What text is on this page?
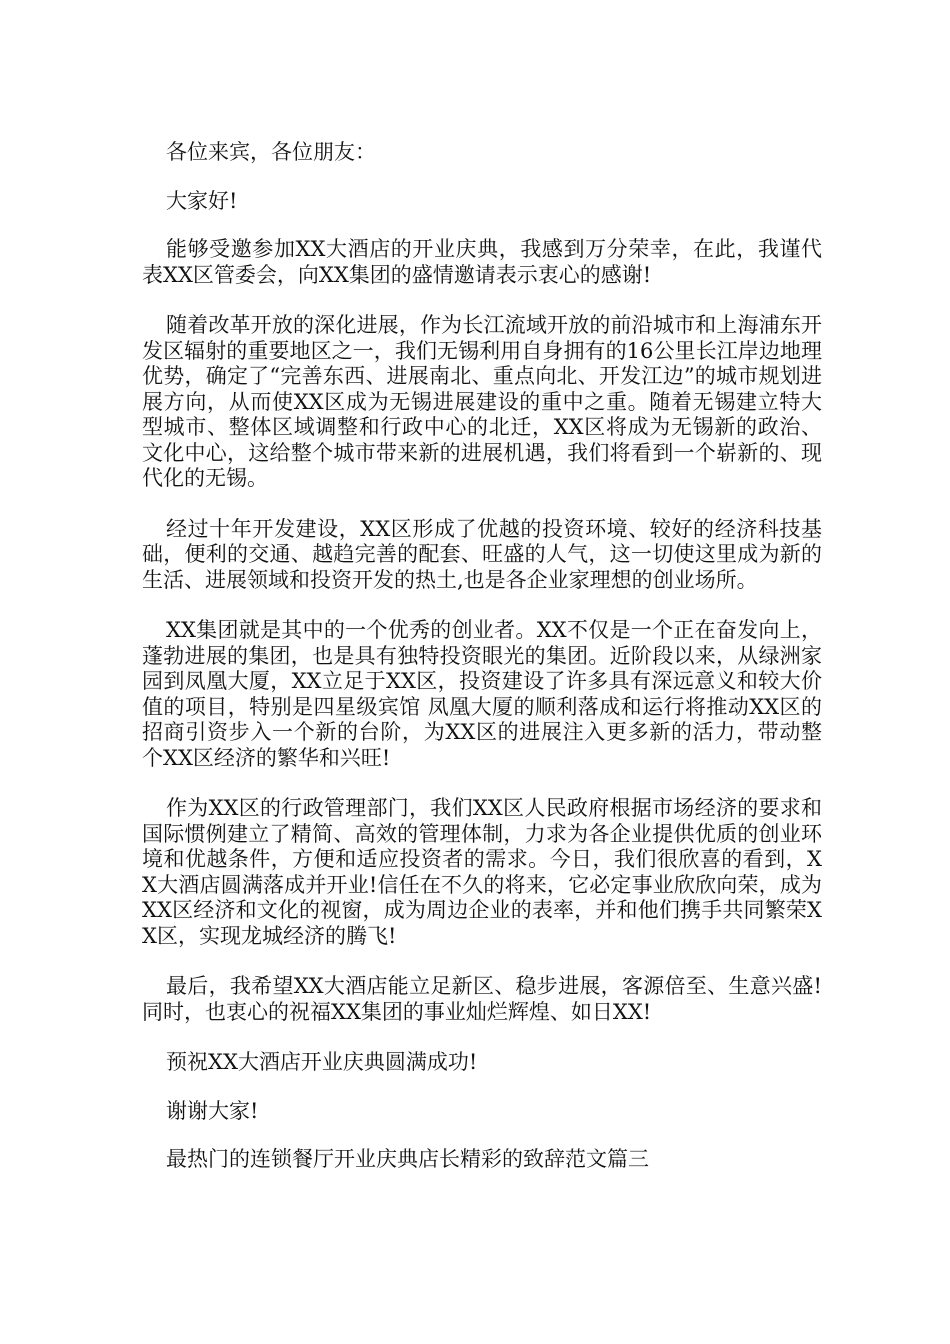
各位来宾，各位朋友：

大家好!

能够受邀参加XX大酒店的开业庆典，我感到万分荣幸，在此，我谨代表XX区管委会，向XX集团的盛情邀请表示衷心的感谢!

随着改革开放的深化进展，作为长江流域开放的前沿城市和上海浦东开发区辐射的重要地区之一，我们无锡利用自身拥有的16公里长江岸边地理优势，确定了“完善东西、进展南北、重点向北、开发江边”的城市规划进展方向，从而使XX区成为无锡进展建设的重中之重。随着无锡建立特大型城市、整体区域调整和行政中心的北迁，XX区将成为无锡新的政治、文化中心，这给整个城市带来新的进展机遇，我们将看到一个崭新的、现代化的无锡。

经过十年开发建设，XX区形成了优越的投资环境、较好的经济科技基础，便利的交通、越趋完善的配套、旺盛的人气，这一切使这里成为新的生活、进展领域和投资开发的热土,也是各企业家理想的创业场所。

XX集团就是其中的一个优秀的创业者。XX不仅是一个正在奋发向上，蓬勃进展的集团，也是具有独特投资眼光的集团。近阶段以来，从绿洲家园到凤凰大厦，XX立足于XX区，投资建设了许多具有深远意义和较大价值的项目，特别是四星级宾馆 凤凰大厦的顺利落成和运行将推动XX区的招商引资步入一个新的台阶，为XX区的进展注入更多新的活力，带动整个XX区经济的繁华和兴旺!

作为XX区的行政管理部门，我们XX区人民政府根据市场经济的要求和国际惯例建立了精简、高效的管理体制，力求为各企业提供优质的创业环境和优越条件，方便和适应投资者的需求。今日，我们很欣喜的看到，XX大酒店圆满落成并开业!信任在不久的将来，它必定事业欣欣向荣，成为XX区经济和文化的视窗，成为周边企业的表率，并和他们携手共同繁荣XX区，实现龙城经济的腾飞!

最后，我希望XX大酒店能立足新区、稳步进展，客源倍至、生意兴盛!同时，也衷心的祝福XX集团的事业灿烂辉煌、如日XX!

预祝XX大酒店开业庆典圆满成功!

谢谢大家!

最热门的连锁餐厅开业庆典店长精彩的致辞范文篇三
